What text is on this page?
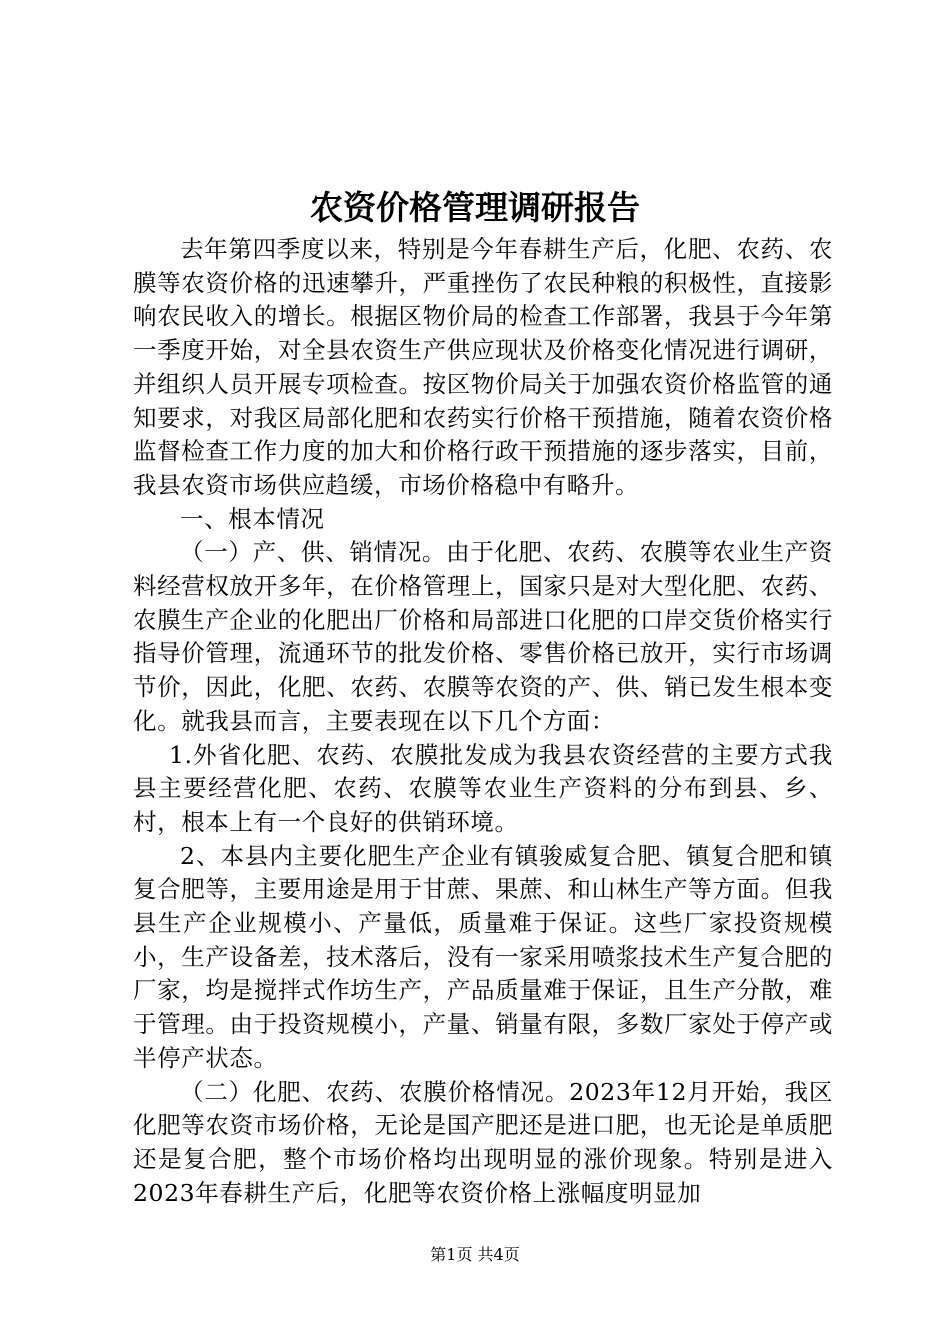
农资价格管理调研报告

去年第四季度以来，特别是今年春耕生产后，化肥、农药、农膜等农资价格的迅速攀升，严重挫伤了农民种粮的积极性，直接影响农民收入的增长。根据区物价局的检查工作部署，我县于今年第一季度开始，对全县农资生产供应现状及价格变化情况进行调研，并组织人员开展专项检查。按区物价局关于加强农资价格监管的通知要求，对我区局部化肥和农药实行价格干预措施，随着农资价格监督检查工作力度的加大和价格行政干预措施的逐步落实，目前，我县农资市场供应趋缓，市场价格稳中有略升。

一、根本情况

（一）产、供、销情况。由于化肥、农药、农膜等农业生产资料经营权放开多年，在价格管理上，国家只是对大型化肥、农药、农膜生产企业的化肥出厂价格和局部进口化肥的口岸交货价格实行指导价管理，流通环节的批发价格、零售价格已放开，实行市场调节价，因此，化肥、农药、农膜等农资的产、供、销已发生根本变化。就我县而言，主要表现在以下几个方面：

1.外省化肥、农药、农膜批发成为我县农资经营的主要方式我县主要经营化肥、农药、农膜等农业生产资料的分布到县、乡、村，根本上有一个良好的供销环境。

2、本县内主要化肥生产企业有镇骏威复合肥、镇复合肥和镇复合肥等，主要用途是用于甘蔗、果蔗、和山林生产等方面。但我县生产企业规模小、产量低，质量难于保证。这些厂家投资规模小，生产设备差，技术落后，没有一家采用喷浆技术生产复合肥的厂家，均是搅拌式作坊生产，产品质量难于保证，且生产分散，难于管理。由于投资规模小，产量、销量有限，多数厂家处于停产或半停产状态。

（二）化肥、农药、农膜价格情况。2023年12月开始，我区化肥等农资市场价格，无论是国产肥还是进口肥，也无论是单质肥还是复合肥，整个市场价格均出现明显的涨价现象。特别是进入2023年春耕生产后，化肥等农资价格上涨幅度明显加

第1页 共4页
